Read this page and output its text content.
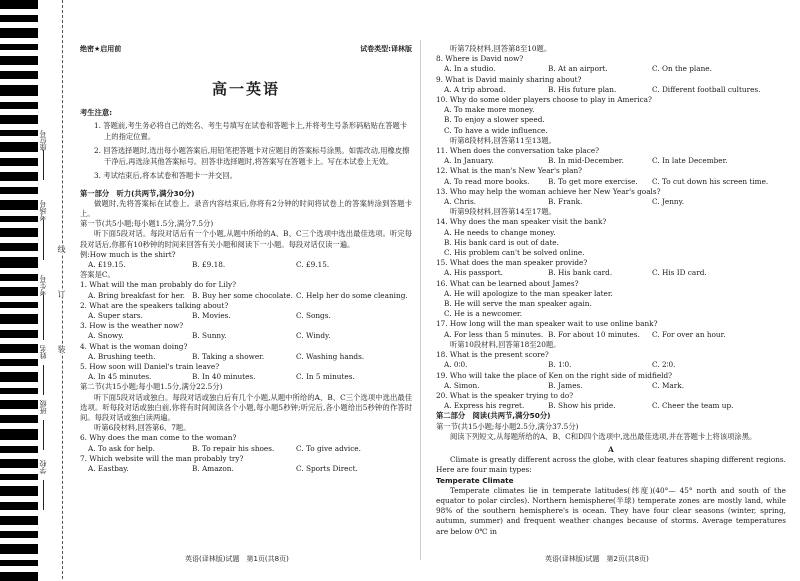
座位号
考场号
考生号
姓名
班级
学校
线
订
装
绝密★启用前	试卷类型:译林版
高一英语
考生注意:
1. 答题前,考生务必将自己的姓名、考生号填写在试卷和答题卡上,并将考生号条形码粘贴在答题卡上的指定位置。
2. 回答选择题时,选出每小题答案后,用铅笔把答题卡对应题目的答案标号涂黑。如需改动,用橡皮擦干净后,再选涂其他答案标号。回答非选择题时,将答案写在答题卡上。写在本试卷上无效。
3. 考试结束后,将本试卷和答题卡一并交回。
第一部分　听力(共两节,满分30分)
做题时,先将答案标在试卷上。录音内容结束后,你将有2分钟的时间将试卷上的答案转涂到答题卡上。
第一节(共5小题;每小题1.5分,满分7.5分)
听下面5段对话。每段对话后有一个小题,从题中所给的A、B、C三个选项中选出最佳选项。听完每段对话后,你都有10秒钟的时间来回答有关小题和阅读下一小题。每段对话仅读一遍。
例:How much is the shirt?
A. £19.15.	B. £9.18.	C. £9.15.
答案是C。
1. What will the man probably do for Lily?
A. Bring breakfast for her. B. Buy her some chocolate. C. Help her do some cleaning.
2. What are the speakers talking about?
A. Super stars.	B. Movies.	C. Songs.
3. How is the weather now?
A. Snowy.	B. Sunny.	C. Windy.
4. What is the woman doing?
A. Brushing teeth.	B. Taking a shower.	C. Washing hands.
5. How soon will Daniel's train leave?
A. In 45 minutes.	B. In 40 minutes.	C. In 5 minutes.
第二节(共15小题;每小题1.5分,满分22.5分)
听下面5段对话或独白。每段对话或独白后有几个小题,从题中所给的A、B、C三个选项中选出最佳选项。听每段对话或独白前,你将有时间阅读各个小题,每小题5秒钟;听完后,各小题给出5秒钟的作答时间。每段对话或独白读两遍。
听第6段材料,回答第6、7题。
6. Why does the man come to the woman?
A. To ask for help.	B. To repair his shoes.	C. To give advice.
7. Which website will the man probably try?
A. Eastbay.	B. Amazon.	C. Sports Direct.
听第7段材料,回答第8至10题。
8. Where is David now?
A. In a studio.	B. At an airport.	C. On the plane.
9. What is David mainly sharing about?
A. A trip abroad.	B. His future plan.	C. Different football cultures.
10. Why do some older players choose to play in America?
A. To make more money.
B. To enjoy a slower speed.
C. To have a wide influence.
听第8段材料,回答第11至13题。
11. When does the conversation take place?
A. In January.	B. In mid-December.	C. In late December.
12. What is the man's New Year's plan?
A. To read more books.	B. To get more exercise.	C. To cut down his screen time.
13. Who may help the woman achieve her New Year's goals?
A. Chris.	B. Frank.	C. Jenny.
听第9段材料,回答第14至17题。
14. Why does the man speaker visit the bank?
A. He needs to change money.
B. His bank card is out of date.
C. His problem can't be solved online.
15. What does the man speaker provide?
A. His passport.	B. His bank card.	C. His ID card.
16. What can be learned about James?
A. He will apologize to the man speaker later.
B. He will serve the man speaker again.
C. He is a newcomer.
17. How long will the man speaker wait to use online bank?
A. For less than 5 minutes. B. For about 10 minutes.	C. For over an hour.
听第10段材料,回答第18至20题。
18. What is the present score?
A. 0∶0.	B. 1∶0.	C. 2∶0.
19. Who will take the place of Ken on the right side of midfield?
A. Simon.	B. James.	C. Mark.
20. What is the speaker trying to do?
A. Express his regret.	B. Show his pride.	C. Cheer the team up.
第二部分　阅读(共两节,满分50分)
第一节(共15小题;每小题2.5分,满分37.5分)
阅读下列短文,从每题所给的A、B、C和D四个选项中,选出最佳选项,并在答题卡上将该项涂黑。
A
Climate is greatly different across the globe, with clear features shaping different regions. Here are four main types:
Temperate Climate
Temperate climates lie in temperate latitudes(纬度)(40°— 45° north and south of the equator to polar circles). Northern hemisphere(半球) temperate zones are mostly land, while 98% of the southern hemisphere's is ocean. They have four clear seasons (winter, spring, autumn, summer) and frequent weather changes because of storms. Average temperatures are below 0℃ in
英语(译林版)试题　第1页(共8页)	英语(译林版)试题　第2页(共8页)
